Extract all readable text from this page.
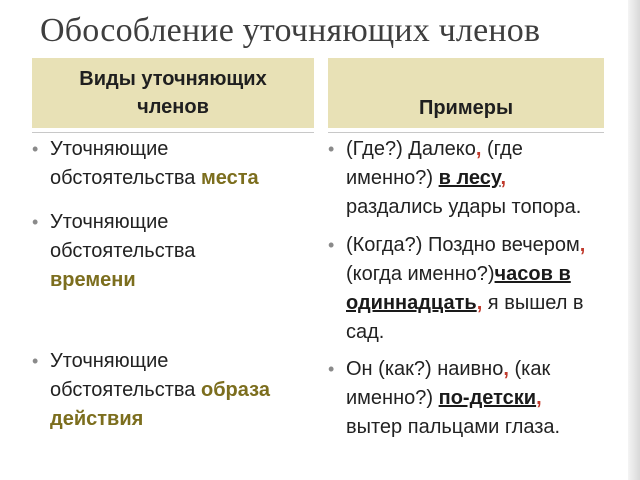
Обособление уточняющих членов
Виды уточняющих
членов	Примеры
• Уточняющие
обстоятельства места
• Уточняющие
обстоятельства
времени
• Уточняющие
обстоятельства образа
действия
• (Где?) Далеко, (где
именно?) в лесу,
раздались удары топора.
• (Когда?) Поздно вечером,
(когда именно?)часов в
одиннадцать, я вышел в
сад.
• Он (как?) наивно, (как
именно?) по-детски,
вытер пальцами глаза.
